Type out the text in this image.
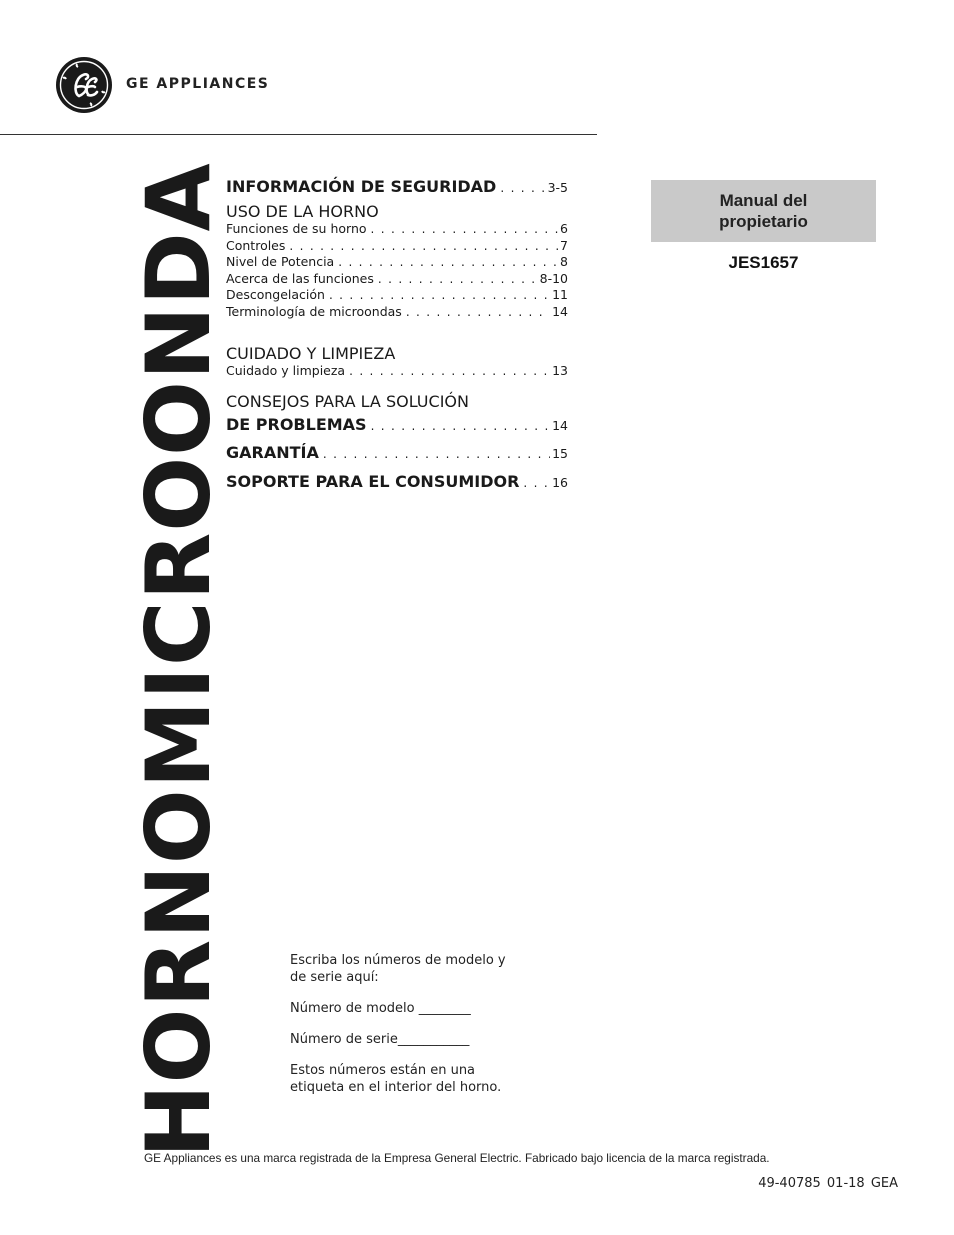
GE APPLIANCES
HORNOMICROONDA
INFORMACIÓN DE SEGURIDAD . . .	3-5
USO DE LA HORNO
Funciones de su horno . . .	6
Controles . . .	7
Nivel de Potencia . . .	8
Acerca de las funciones . . .	8-10
Descongelación . . .	11
Terminología de microondas . . .	14
CUIDADO Y LIMPIEZA
Cuidado y limpieza . . .	13
CONSEJOS PARA LA SOLUCIÓN
DE PROBLEMAS . . .	14
GARANTÍA . . .	15
SOPORTE PARA EL CONSUMIDOR . . .	16
Manual del
propietario
JES1657

Escriba los números de modelo y
de serie aquí:

Número de modelo ________

Número de serie___________

Estos números están en una
etiqueta en el interior del horno.

GE Appliances es una marca registrada de la Empresa General Electric. Fabricado bajo licencia de la marca registrada.
49-40785 01-18 GEA
